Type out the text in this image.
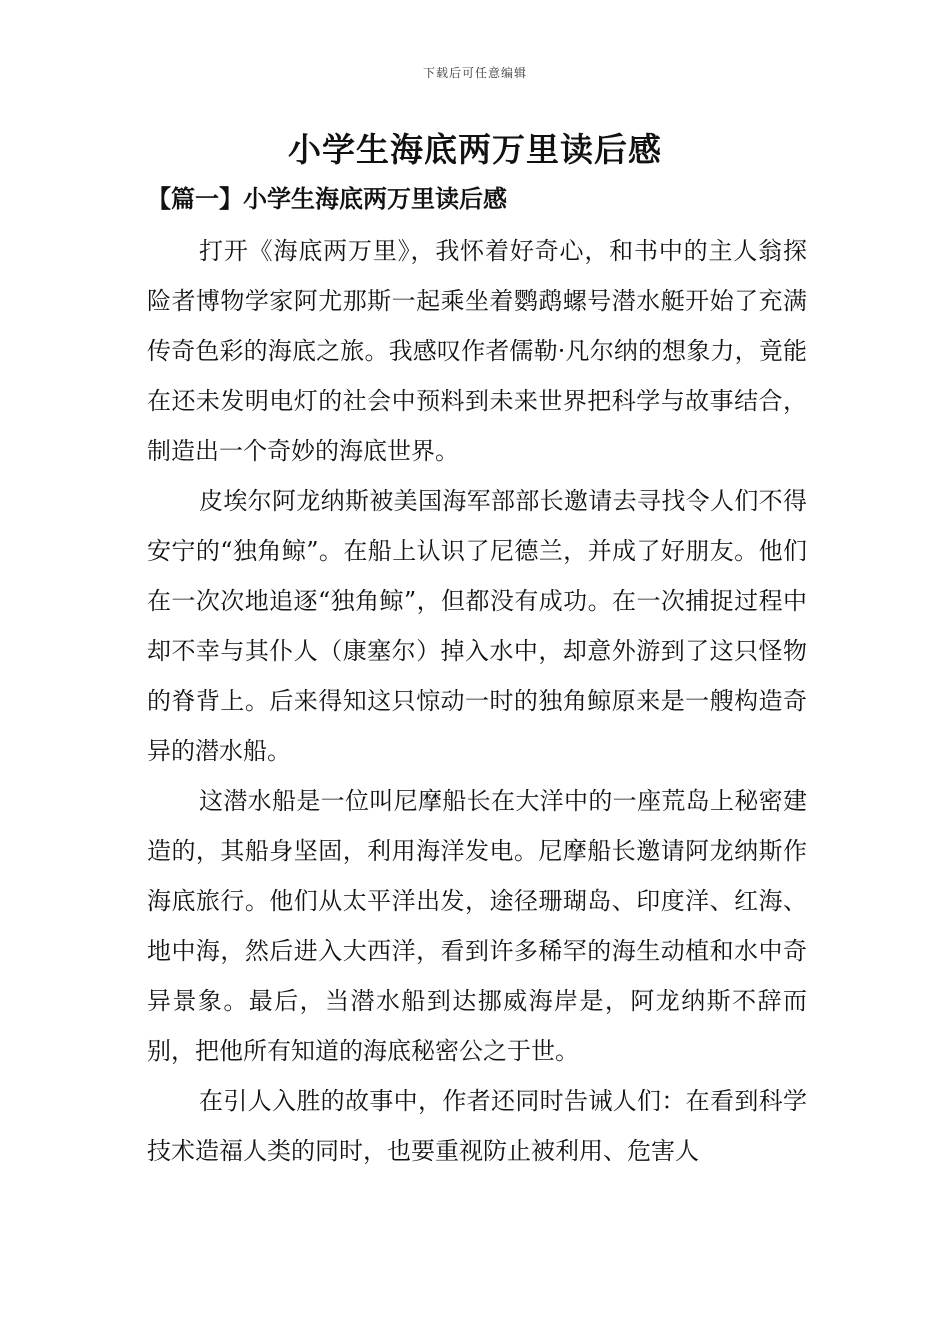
下载后可任意编辑
小学生海底两万里读后感
【篇一】小学生海底两万里读后感

打开《海底两万里》，我怀着好奇心，和书中的主人翁探险者博物学家阿尤那斯一起乘坐着鹦鹉螺号潜水艇开始了充满传奇色彩的海底之旅。我感叹作者儒勒·凡尔纳的想象力，竟能在还未发明电灯的社会中预料到未来世界把科学与故事结合，制造出一个奇妙的海底世界。

皮埃尔阿龙纳斯被美国海军部部长邀请去寻找令人们不得安宁的“独角鲸”。在船上认识了尼德兰，并成了好朋友。他们在一次次地追逐“独角鲸”，但都没有成功。在一次捕捉过程中却不幸与其仆人（康塞尔）掉入水中，却意外游到了这只怪物的脊背上。后来得知这只惊动一时的独角鲸原来是一艘构造奇异的潜水船。

这潜水船是一位叫尼摩船长在大洋中的一座荒岛上秘密建造的，其船身坚固，利用海洋发电。尼摩船长邀请阿龙纳斯作海底旅行。他们从太平洋出发，途径珊瑚岛、印度洋、红海、地中海，然后进入大西洋，看到许多稀罕的海生动植和水中奇异景象。最后，当潜水船到达挪威海岸是，阿龙纳斯不辞而别，把他所有知道的海底秘密公之于世。

在引人入胜的故事中，作者还同时告诫人们：在看到科学技术造福人类的同时，也要重视防止被利用、危害人
